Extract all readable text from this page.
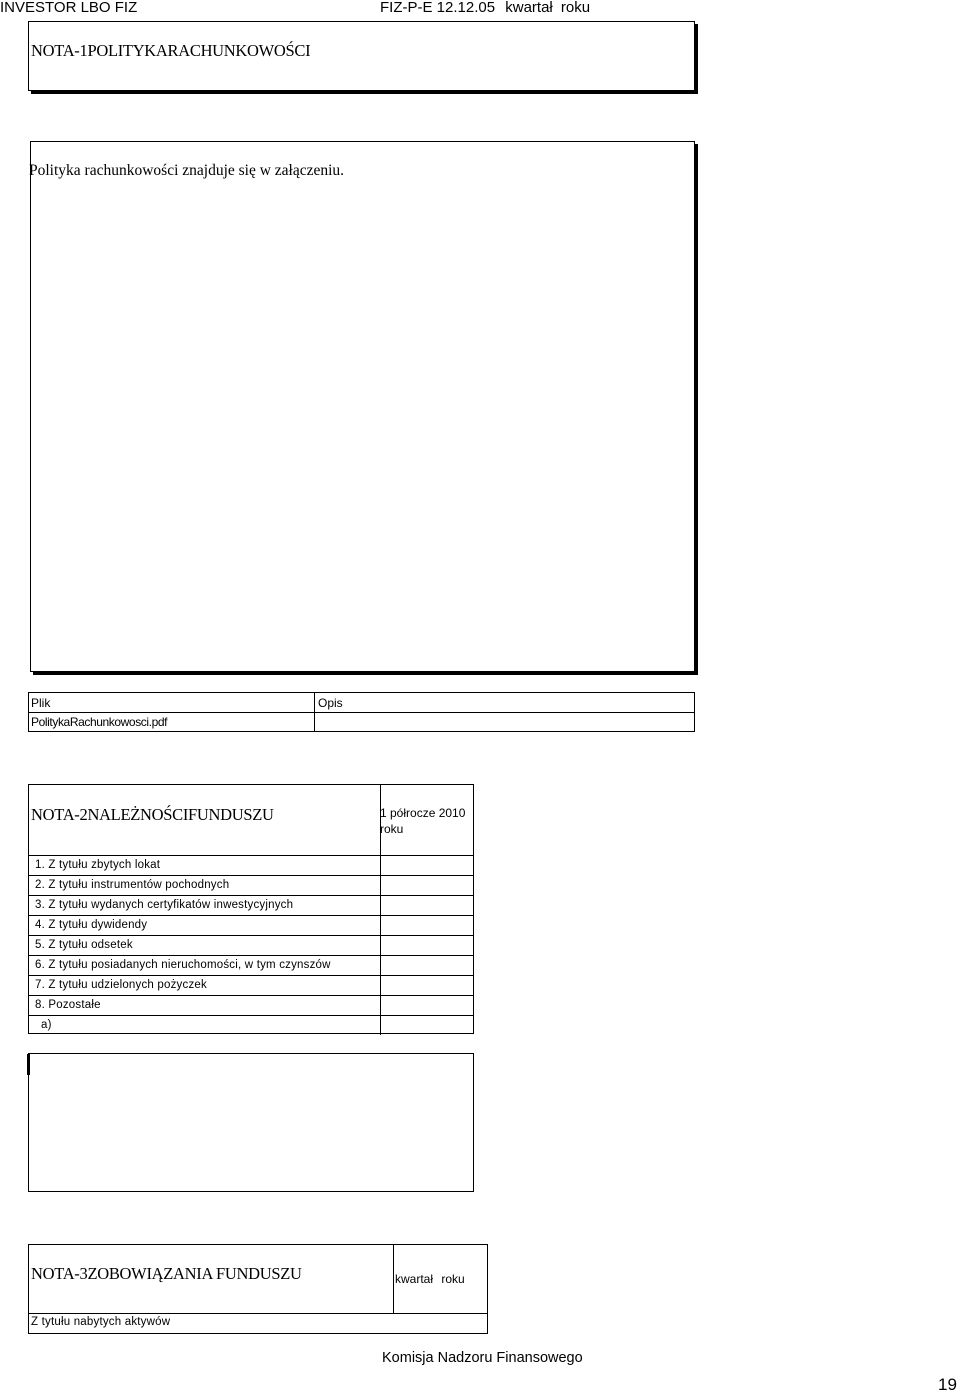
INVESTOR LBO FIZ	FIZ-P-E 12.12.05 kwartał roku
NOTA-1POLITYKARACHUNKOWOŚCI
Polityka rachunkowości znajduje się w załączeniu.
Plik	Opis
PolitykaRachunkowosci.pdf
NOTA-2NALEŻNOŚCIFUNDUSZU	1 półrocze 2010 roku
1. Z tytułu zbytych lokat
2. Z tytułu instrumentów pochodnych
3. Z tytułu wydanych certyfikatów inwestycyjnych
4. Z tytułu dywidendy
5. Z tytułu odsetek
6. Z tytułu posiadanych nieruchomości, w tym czynszów
7. Z tytułu udzielonych pożyczek
8. Pozostałe
a)
NOTA-3ZOBOWIĄZANIA FUNDUSZU	kwartał roku
Z tytułu nabytych aktywów
Komisja Nadzoru Finansowego
19
